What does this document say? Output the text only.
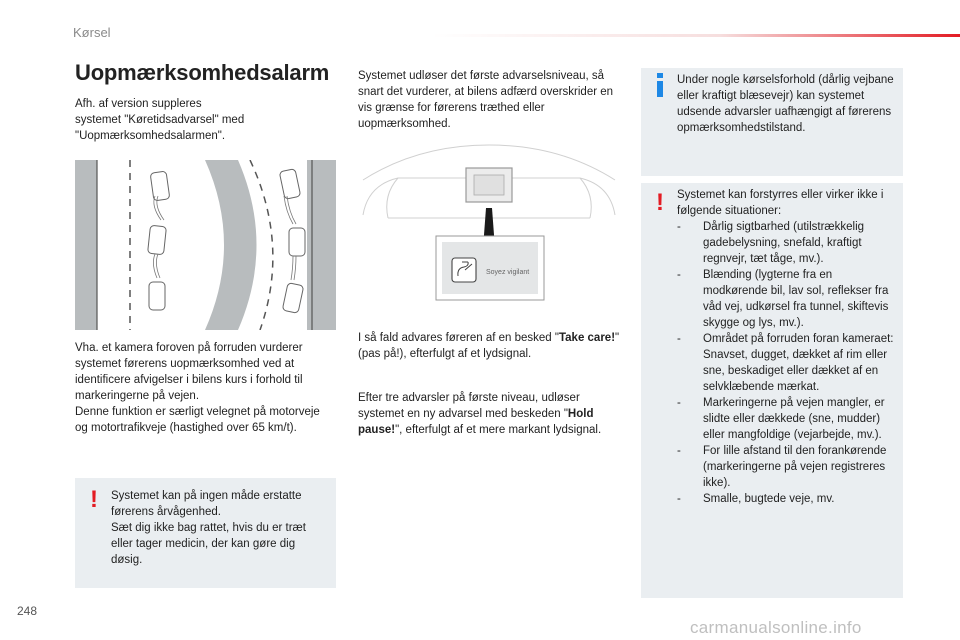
Kørsel
Uopmærksomhedsalarm
Afh. af version suppleres systemet "Køretidsadvarsel" med "Uopmærksomhedsalarmen".
Vha. et kamera foroven på forruden vurderer systemet førerens uopmærksomhed ved at identificere afvigelser i bilens kurs i forhold til markeringerne på vejen.
Denne funktion er særligt velegnet på motorveje og motortrafikveje (hastighed over 65 km/t).
! Systemet kan på ingen måde erstatte førerens årvågenhed.
Sæt dig ikke bag rattet, hvis du er træt eller tager medicin, der kan gøre dig døsig.
Systemet udløser det første advarselsniveau, så snart det vurderer, at bilens adfærd overskrider en vis grænse for førerens træthed eller uopmærksomhed.
Soyez vigilant
I så fald advares føreren af en besked "Take care!" (pas på!), efterfulgt af et lydsignal.
Efter tre advarsler på første niveau, udløser systemet en ny advarsel med beskeden "Hold pause!", efterfulgt af et mere markant lydsignal.
Under nogle kørselsforhold (dårlig vejbane eller kraftigt blæsevejr) kan systemet udsende advarsler uafhængigt af førerens opmærksomhedstilstand.
! Systemet kan forstyrres eller virker ikke i følgende situationer:
- Dårlig sigtbarhed (utilstrækkelig gadebelysning, snefald, kraftigt regnvejr, tæt tåge, mv.).
- Blænding (lygterne fra en modkørende bil, lav sol, reflekser fra våd vej, udkørsel fra tunnel, skiftevis skygge og lys, mv.).
- Området på forruden foran kameraet: Snavset, dugget, dækket af rim eller sne, beskadiget eller dækket af en selvklæbende mærkat.
- Markeringerne på vejen mangler, er slidte eller dækkede (sne, mudder) eller mangfoldige (vejarbejde, mv.).
- For lille afstand til den forankørende (markeringerne på vejen registreres ikke).
- Smalle, bugtede veje, mv.
248
carmanualsonline.info
